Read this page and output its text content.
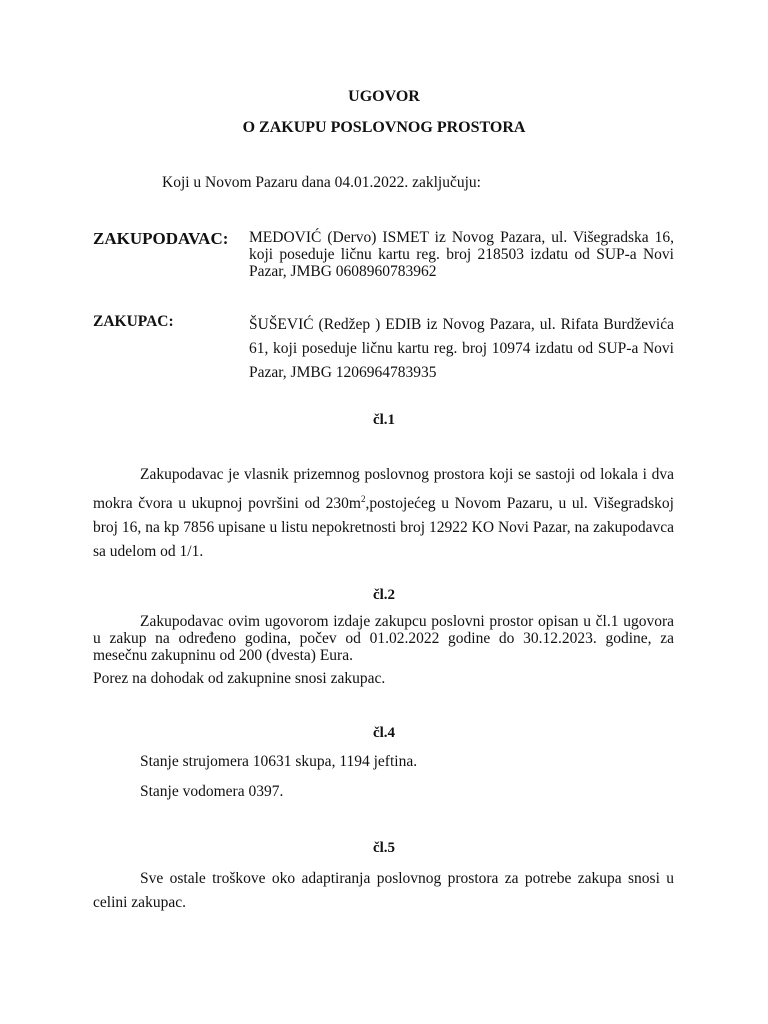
UGOVOR
O ZAKUPU POSLOVNOG PROSTORA
Koji u Novom Pazaru dana 04.01.2022. zaključuju:
ZAKUPODAVAC: MEDOVIĆ (Dervo) ISMET iz Novog Pazara, ul. Višegradska 16, koji poseduje ličnu kartu reg. broj 218503 izdatu od SUP-a Novi Pazar, JMBG 0608960783962
ZAKUPAC:	ŠUŠEVIĆ (Redžep ) EDIB iz Novog Pazara, ul. Rifata Burdževića 61, koji poseduje ličnu kartu reg. broj 10974 izdatu od SUP-a Novi Pazar, JMBG 1206964783935
čl.1
Zakupodavac je vlasnik prizemnog poslovnog prostora koji se sastoji od lokala i dva mokra čvora u ukupnoj površini od $230m^2,postojećeg$ u Novom Pazaru, u ul. Višegradskoj broj 16, na kp 7856 upisane u listu nepokretnosti broj 12922 KO Novi Pazar, na zakupodavca sa udelom od 1/1.
čl.2
Zakupodavac ovim ugovorom izdaje zakupcu poslovni prostor opisan u čl.1 ugovora u zakup na određeno godina, počev od 01.02.2022 godine do 30.12.2023. godine, za mesečnu zakupninu od 200 (dvesta) Eura.
Porez na dohodak od zakupnine snosi zakupac.
čl.4
Stanje strujomera 10631 skupa, 1194 jeftina.
Stanje vodomera 0397.
čl.5
Sve ostale troškove oko adaptiranja poslovnog prostora za potrebe zakupa snosi u celini zakupac.
